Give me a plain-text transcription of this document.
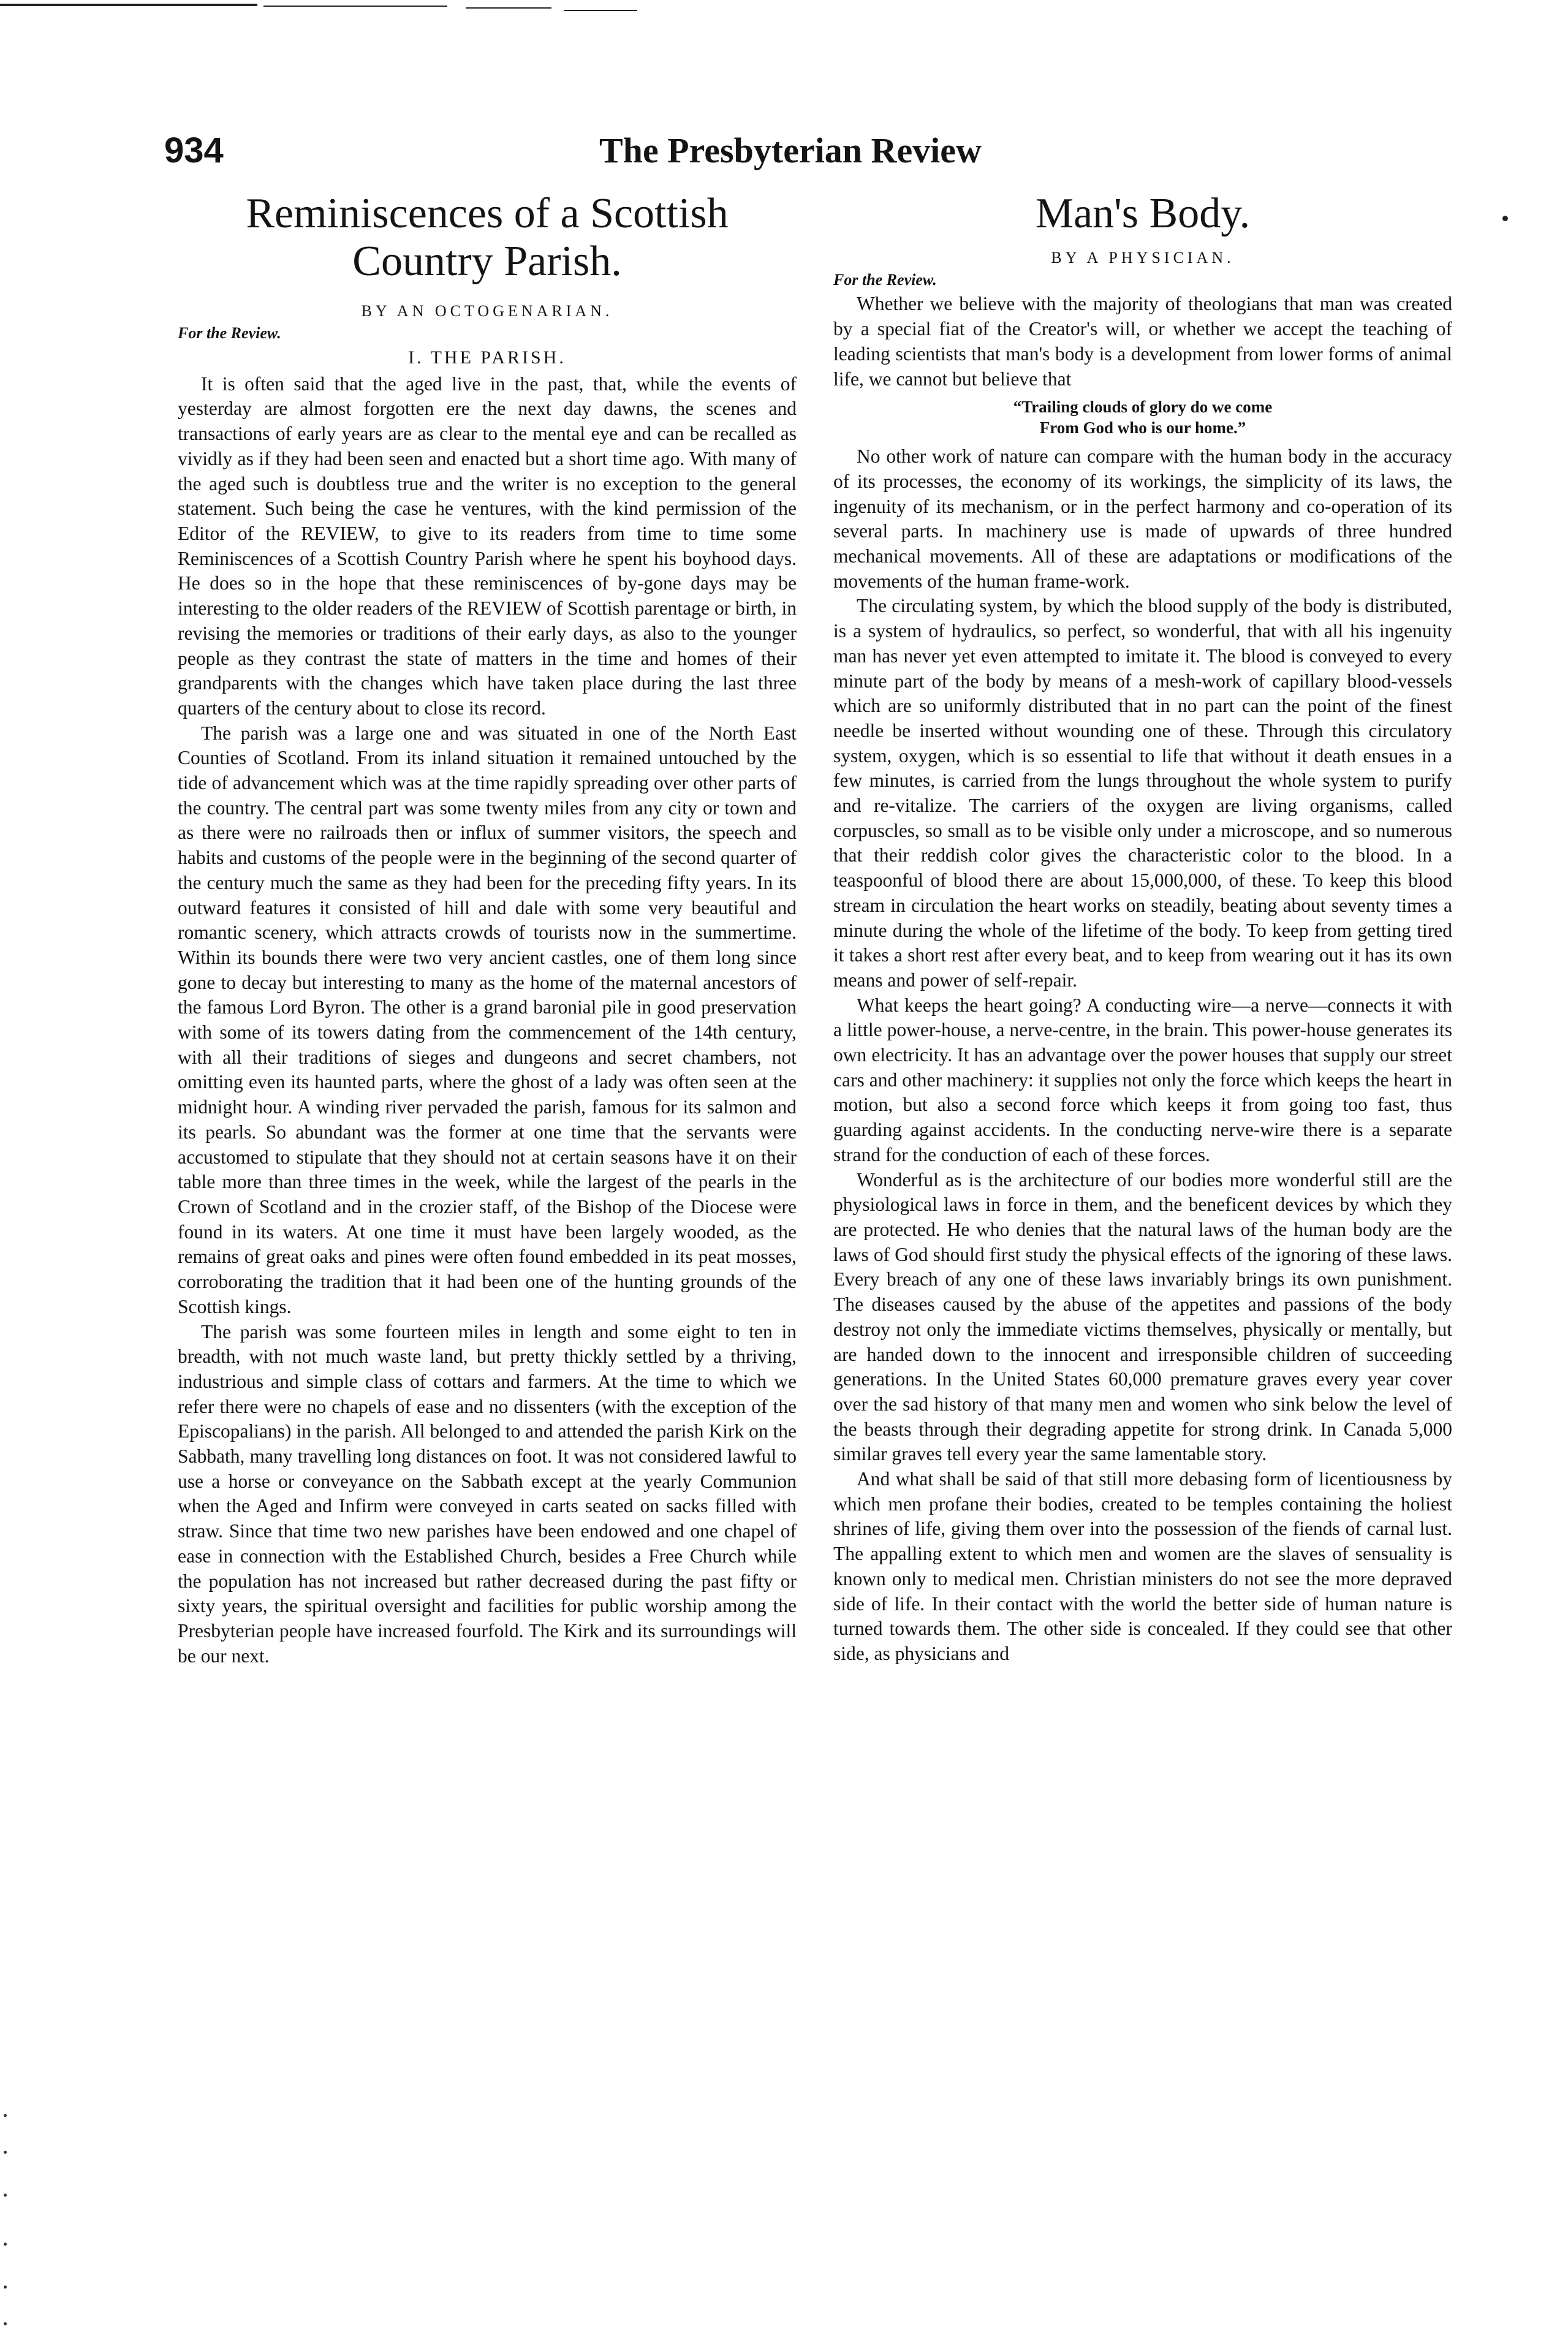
934	The Presbyterian Review
Reminiscences of a Scottish Country Parish.
BY AN OCTOGENARIAN.
For the Review.
I. THE PARISH.

It is often said that the aged live in the past, that, while the events of yesterday are almost forgotten ere the next day dawns, the scenes and transactions of early years are as clear to the mental eye and can be recalled as vividly as if they had been seen and enacted but a short time ago. With many of the aged such is doubtless true and the writer is no exception to the general statement. Such being the case he ventures, with the kind permission of the Editor of the REVIEW, to give to its readers from time to time some Reminiscences of a Scottish Country Parish where he spent his boyhood days. He does so in the hope that these reminiscences of by-gone days may be interesting to the older readers of the REVIEW of Scottish parentage or birth, in revising the memories or traditions of their early days, as also to the younger people as they contrast the state of matters in the time and homes of their grandparents with the changes which have taken place during the last three quarters of the century about to close its record.

The parish was a large one and was situated in one of the North East Counties of Scotland. From its inland situation it remained untouched by the tide of advancement which was at the time rapidly spreading over other parts of the country. The central part was some twenty miles from any city or town and as there were no railroads then or influx of summer visitors, the speech and habits and customs of the people were in the beginning of the second quarter of the century much the same as they had been for the preceding fifty years. In its outward features it consisted of hill and dale with some very beautiful and romantic scenery, which attracts crowds of tourists now in the summertime. Within its bounds there were two very ancient castles, one of them long since gone to decay but interesting to many as the home of the maternal ancestors of the famous Lord Byron. The other is a grand baronial pile in good preservation with some of its towers dating from the commencement of the 14th century, with all their traditions of sieges and dungeons and secret chambers, not omitting even its haunted parts, where the ghost of a lady was often seen at the midnight hour. A winding river pervaded the parish, famous for its salmon and its pearls. So abundant was the former at one time that the servants were accustomed to stipulate that they should not at certain seasons have it on their table more than three times in the week, while the largest of the pearls in the Crown of Scotland and in the crozier staff, of the Bishop of the Diocese were found in its waters. At one time it must have been largely wooded, as the remains of great oaks and pines were often found embedded in its peat mosses, corroborating the tradition that it had been one of the hunting grounds of the Scottish kings.

The parish was some fourteen miles in length and some eight to ten in breadth, with not much waste land, but pretty thickly settled by a thriving, industrious and simple class of cottars and farmers. At the time to which we refer there were no chapels of ease and no dissenters (with the exception of the Episcopalians) in the parish. All belonged to and attended the parish Kirk on the Sabbath, many travelling long distances on foot. It was not considered lawful to use a horse or conveyance on the Sabbath except at the yearly Communion when the Aged and Infirm were conveyed in carts seated on sacks filled with straw. Since that time two new parishes have been endowed and one chapel of ease in connection with the Established Church, besides a Free Church while the population has not increased but rather decreased during the past fifty or sixty years, the spiritual oversight and facilities for public worship among the Presbyterian people have increased fourfold. The Kirk and its surroundings will be our next.

Man's Body.
BY A PHYSICIAN.
For the Review.

Whether we believe with the majority of theologians that man was created by a special fiat of the Creator's will, or whether we accept the teaching of leading scientists that man's body is a development from lower forms of animal life, we cannot but believe that

“Trailing clouds of glory do we come
From God who is our home.”

No other work of nature can compare with the human body in the accuracy of its processes, the economy of its workings, the simplicity of its laws, the ingenuity of its mechanism, or in the perfect harmony and co-operation of its several parts. In machinery use is made of upwards of three hundred mechanical movements. All of these are adaptations or modifications of the movements of the human frame-work.

The circulating system, by which the blood supply of the body is distributed, is a system of hydraulics, so perfect, so wonderful, that with all his ingenuity man has never yet even attempted to imitate it. The blood is conveyed to every minute part of the body by means of a mesh-work of capillary blood-vessels which are so uniformly distributed that in no part can the point of the finest needle be inserted without wounding one of these. Through this circulatory system, oxygen, which is so essential to life that without it death ensues in a few minutes, is carried from the lungs throughout the whole system to purify and re-vitalize. The carriers of the oxygen are living organisms, called corpuscles, so small as to be visible only under a microscope, and so numerous that their reddish color gives the characteristic color to the blood. In a teaspoonful of blood there are about 15,000,000, of these. To keep this blood stream in circulation the heart works on steadily, beating about seventy times a minute during the whole of the lifetime of the body. To keep from getting tired it takes a short rest after every beat, and to keep from wearing out it has its own means and power of self-repair.

What keeps the heart going? A conducting wire—a nerve—connects it with a little power-house, a nerve-centre, in the brain. This power-house generates its own electricity. It has an advantage over the power houses that supply our street cars and other machinery: it supplies not only the force which keeps the heart in motion, but also a second force which keeps it from going too fast, thus guarding against accidents. In the conducting nerve-wire there is a separate strand for the conduction of each of these forces.

Wonderful as is the architecture of our bodies more wonderful still are the physiological laws in force in them, and the beneficent devices by which they are protected. He who denies that the natural laws of the human body are the laws of God should first study the physical effects of the ignoring of these laws. Every breach of any one of these laws invariably brings its own punishment. The diseases caused by the abuse of the appetites and passions of the body destroy not only the immediate victims themselves, physically or mentally, but are handed down to the innocent and irresponsible children of succeeding generations. In the United States 60,000 premature graves every year cover over the sad history of that many men and women who sink below the level of the beasts through their degrading appetite for strong drink. In Canada 5,000 similar graves tell every year the same lamentable story.

And what shall be said of that still more debasing form of licentiousness by which men profane their bodies, created to be temples containing the holiest shrines of life, giving them over into the possession of the fiends of carnal lust. The appalling extent to which men and women are the slaves of sensuality is known only to medical men. Christian ministers do not see the more depraved side of life. In their contact with the world the better side of human nature is turned towards them. The other side is concealed. If they could see that other side, as physicians and
